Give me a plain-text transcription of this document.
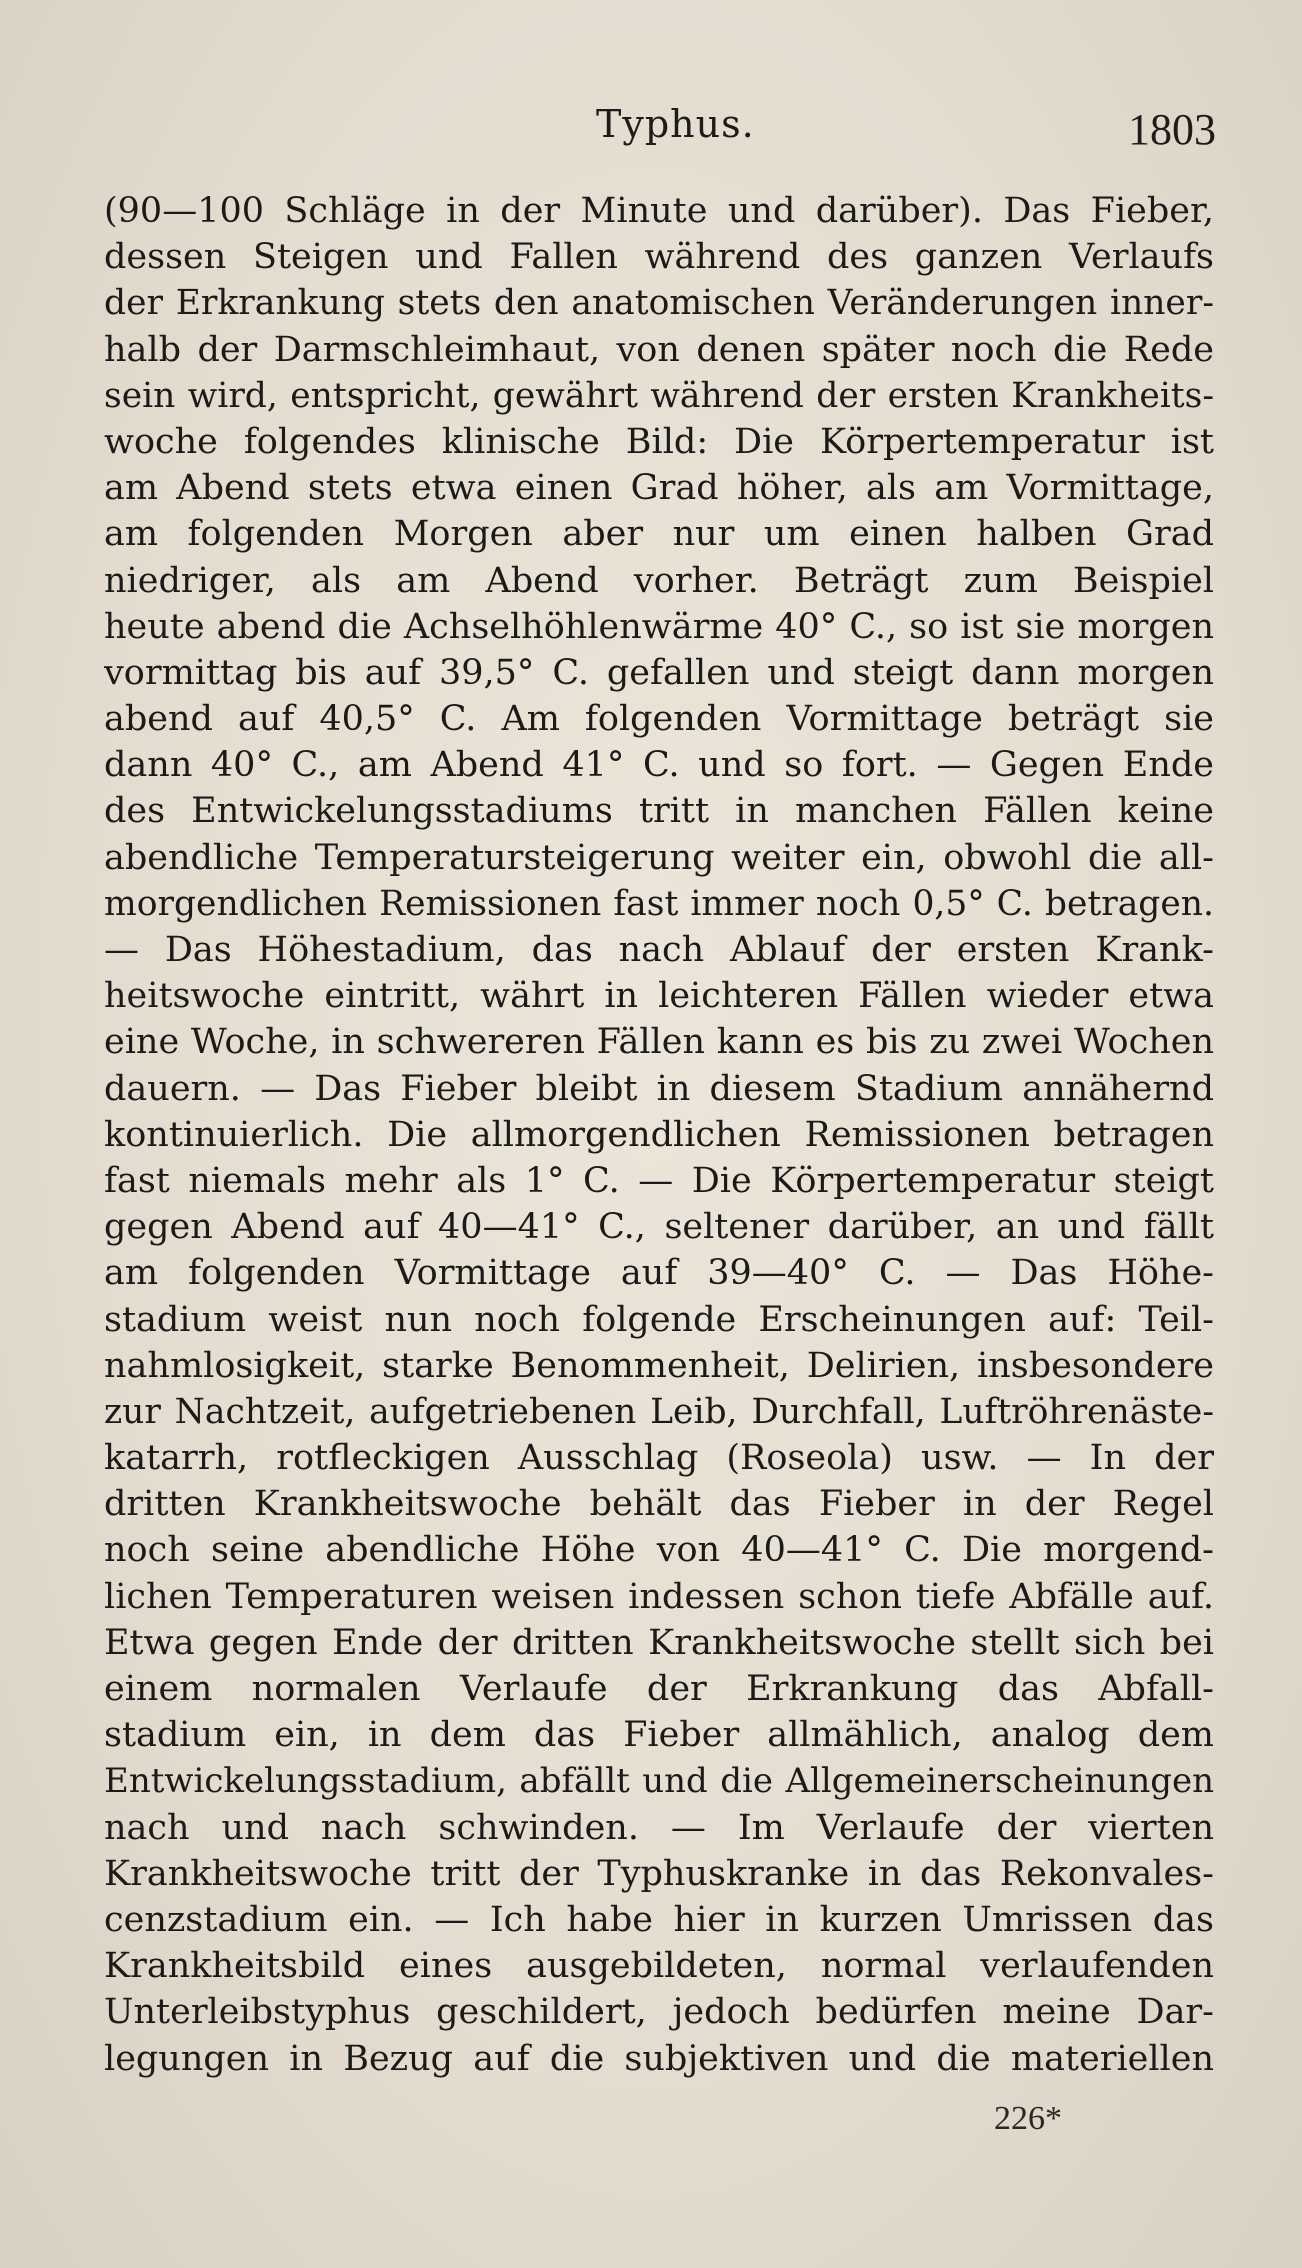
Typhus.	1803
(90—100 Schläge in der Minute und darüber). Das Fieber,
dessen Steigen und Fallen während des ganzen Verlaufs
der Erkrankung stets den anatomischen Veränderungen inner-
halb der Darmschleimhaut, von denen später noch die Rede
sein wird, entspricht, gewährt während der ersten Krankheits-
woche folgendes klinische Bild: Die Körpertemperatur ist
am Abend stets etwa einen Grad höher, als am Vormittage,
am folgenden Morgen aber nur um einen halben Grad
niedriger, als am Abend vorher. Beträgt zum Beispiel
heute abend die Achselhöhlenwärme 40° C., so ist sie morgen
vormittag bis auf 39,5° C. gefallen und steigt dann morgen
abend auf 40,5° C. Am folgenden Vormittage beträgt sie
dann 40° C., am Abend 41° C. und so fort. — Gegen Ende
des Entwickelungsstadiums tritt in manchen Fällen keine
abendliche Temperatursteigerung weiter ein, obwohl die all-
morgendlichen Remissionen fast immer noch 0,5° C. betragen.
— Das Höhestadium, das nach Ablauf der ersten Krank-
heitswoche eintritt, währt in leichteren Fällen wieder etwa
eine Woche, in schwereren Fällen kann es bis zu zwei Wochen
dauern. — Das Fieber bleibt in diesem Stadium annähernd
kontinuierlich. Die allmorgendlichen Remissionen betragen
fast niemals mehr als 1° C. — Die Körpertemperatur steigt
gegen Abend auf 40—41° C., seltener darüber, an und fällt
am folgenden Vormittage auf 39—40° C. — Das Höhe-
stadium weist nun noch folgende Erscheinungen auf: Teil-
nahmlosigkeit, starke Benommenheit, Delirien, insbesondere
zur Nachtzeit, aufgetriebenen Leib, Durchfall, Luftröhrenäste-
katarrh, rotfleckigen Ausschlag (Roseola) usw. — In der
dritten Krankheitswoche behält das Fieber in der Regel
noch seine abendliche Höhe von 40—41° C. Die morgend-
lichen Temperaturen weisen indessen schon tiefe Abfälle auf.
Etwa gegen Ende der dritten Krankheitswoche stellt sich bei
einem normalen Verlaufe der Erkrankung das Abfall-
stadium ein, in dem das Fieber allmählich, analog dem
Entwickelungsstadium, abfällt und die Allgemeinerscheinungen
nach und nach schwinden. — Im Verlaufe der vierten
Krankheitswoche tritt der Typhuskranke in das Rekonvales-
cenzstadium ein. — Ich habe hier in kurzen Umrissen das
Krankheitsbild eines ausgebildeten, normal verlaufenden
Unterleibstyphus geschildert, jedoch bedürfen meine Dar-
legungen in Bezug auf die subjektiven und die materiellen
226*
